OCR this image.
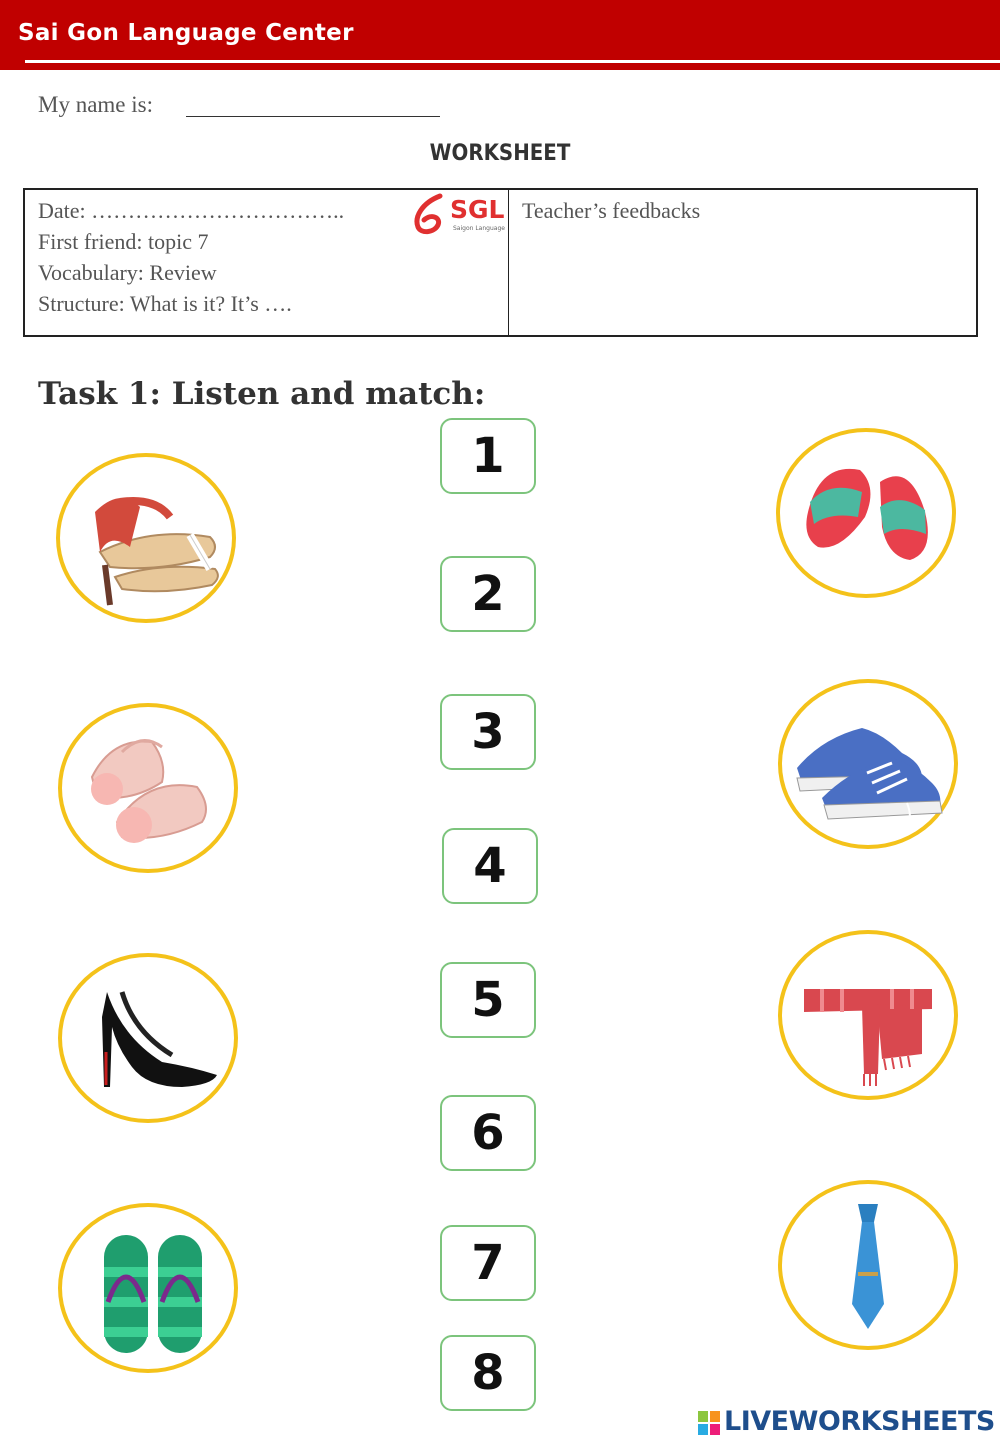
Sai Gon Language Center
My name is:
WORKSHEET
Date: ……………………………..
First friend: topic 7
Vocabulary: Review
Structure: What is it? It’s ….
Teacher’s feedbacks
SGL
Saigon Language
Task 1: Listen and match:
1
2
3
4
5
6
7
8
LIVEWORKSHEETS
